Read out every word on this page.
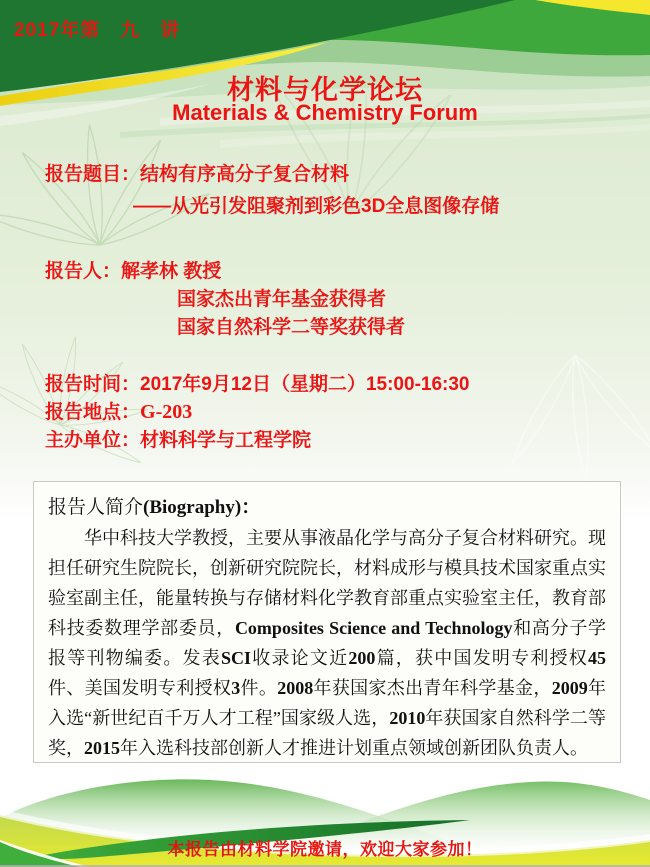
2017年第　九　讲
材料与化学论坛
Materials & Chemistry Forum
报告题目：结构有序高分子复合材料
——从光引发阻聚剂到彩色3D全息图像存储
报告人：解孝林 教授
国家杰出青年基金获得者
国家自然科学二等奖获得者
报告时间：2017年9月12日（星期二）15:00-16:30
报告地点：G-203
主办单位：材料科学与工程学院
报告人简介(Biography)：

华中科技大学教授，主要从事液晶化学与高分子复合材料研究。现担任研究生院院长，创新研究院院长，材料成形与模具技术国家重点实验室副主任，能量转换与存储材料化学教育部重点实验室主任，教育部科技委数理学部委员，Composites Science and Technology和高分子学报等刊物编委。发表SCI收录论文近200篇，获中国发明专利授权45件、美国发明专利授权3件。2008年获国家杰出青年科学基金，2009年入选“新世纪百千万人才工程”国家级人选，2010年获国家自然科学二等奖，2015年入选科技部创新人才推进计划重点领域创新团队负责人。

本报告由材料学院邀请，欢迎大家参加！
